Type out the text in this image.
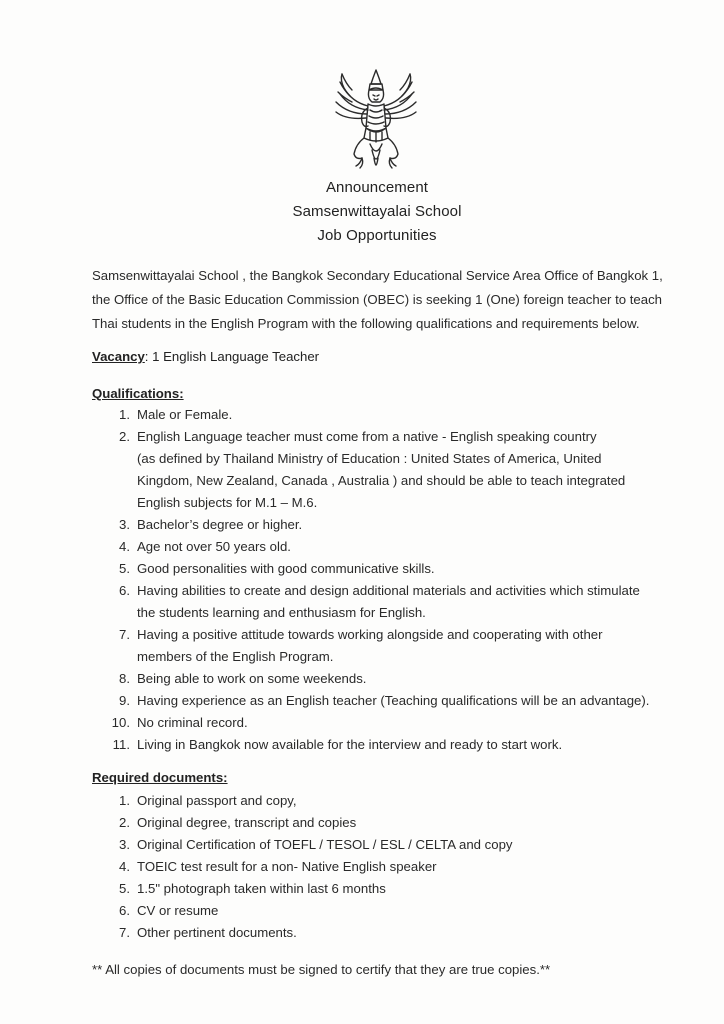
Announcement
Samsenwittayalai School
Job Opportunities
Samsenwittayalai School , the Bangkok Secondary Educational Service Area Office of Bangkok 1,
the Office of the Basic Education Commission (OBEC) is seeking 1 (One) foreign teacher to teach
Thai students in the English Program with the following qualifications and requirements below.
Vacancy: 1 English Language Teacher
Qualifications:
1. Male or Female.
2. English Language teacher must come from a native - English speaking country
(as defined by Thailand Ministry of Education : United States of America, United
Kingdom, New Zealand, Canada , Australia ) and should be able to teach integrated
English subjects for M.1 – M.6.
3. Bachelor’s degree or higher.
4. Age not over 50 years old.
5. Good personalities with good communicative skills.
6. Having abilities to create and design additional materials and activities which stimulate
the students learning and enthusiasm for English.
7. Having a positive attitude towards working alongside and cooperating with other
members of the English Program.
8. Being able to work on some weekends.
9. Having experience as an English teacher (Teaching qualifications will be an advantage).
10. No criminal record.
11. Living in Bangkok now available for the interview and ready to start work.
Required documents:
1. Original passport and copy,
2. Original degree, transcript and copies
3. Original Certification of TOEFL / TESOL / ESL / CELTA and copy
4. TOEIC test result for a non- Native English speaker
5. 1.5" photograph taken within last 6 months
6. CV or resume
7. Other pertinent documents.
** All copies of documents must be signed to certify that they are true copies.**
